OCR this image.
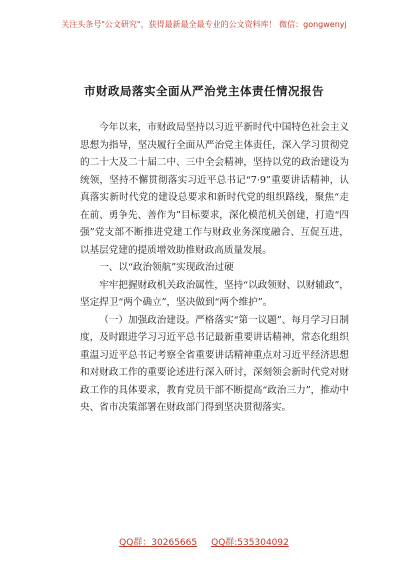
关注头条号"公文研究"，获得最新最全最专业的公文资料库！ 微信：gongwenyj
市财政局落实全面从严治党主体责任情况报告

今年以来，市财政局坚持以习近平新时代中国特色社会主义思想为指导，坚决履行全面从严治党主体责任，深入学习贯彻党的二十大及二十届二中、三中全会精神，坚持以党的政治建设为统领，坚持不懈贯彻落实习近平总书记“7·9”重要讲话精神，认真落实新时代党的建设总要求和新时代党的组织路线，聚焦“走在前、勇争先、善作为”目标要求，深化模范机关创建，打造“四强”党支部不断推进党建工作与财政业务深度融合、互促互进，以基层党建的提质增效助推财政高质量发展。

一、以“政治领航”实现政治过硬

牢牢把握财政机关政治属性，坚持“以政领财、以财辅政”，坚定捍卫“两个确立”，坚决做到“两个维护”。

（一）加强政治建设。严格落实“第一议题”、每月学习日制度，及时跟进学习习近平总书记最新重要讲话精神，常态化组织重温习近平总书记考察全省重要讲话精神重点对习近平经济思想和对财政工作的重要论述进行深入研讨，深刻领会新时代党对财政工作的具体要求，教育党员干部不断提高“政治三力”，推动中央、省市决策部署在财政部门得到坚决贯彻落实。

QQ群：30265665 QQ群:535304092
